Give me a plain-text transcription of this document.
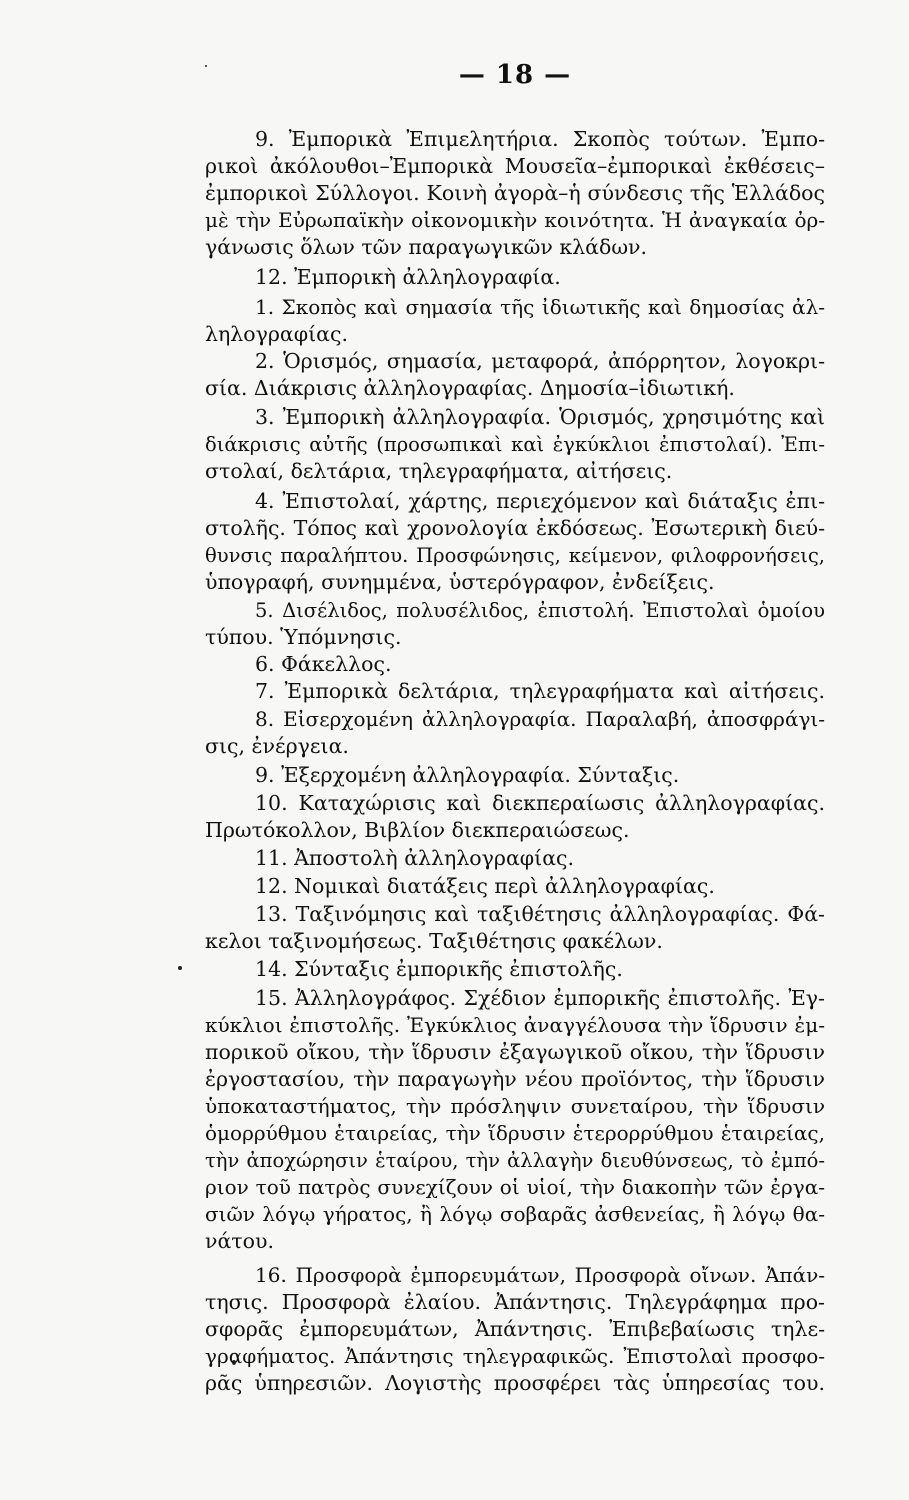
— 18 —
9. Ἐμπορικὰ Ἐπιμελητήρια. Σκοπὸς τούτων. Ἐμπο-
ρικοὶ ἀκόλουθοι–Ἐμπορικὰ Μουσεῖα–ἐμπορικαὶ ἐκθέσεις–
ἐμπορικοὶ Σύλλογοι. Κοινὴ ἀγορὰ–ἡ σύνδεσις τῆς Ἑλλάδος
μὲ τὴν Εὐρωπαϊκὴν οἰκονομικὴν κοινότητα. Ἡ ἀναγκαία ὀρ-
γάνωσις ὅλων τῶν παραγωγικῶν κλάδων.
12. Ἐμπορικὴ ἀλληλογραφία.
1. Σκοπὸς καὶ σημασία τῆς ἰδιωτικῆς καὶ δημοσίας ἀλ-
ληλογραφίας.
2. Ὁρισμός, σημασία, μεταφορά, ἀπόρρητον, λογοκρι-
σία. Διάκρισις ἀλληλογραφίας. Δημοσία–ἰδιωτική.
3. Ἐμπορικὴ ἀλληλογραφία. Ὁρισμός, χρησιμότης καὶ
διάκρισις αὐτῆς (προσωπικαὶ καὶ ἐγκύκλιοι ἐπιστολαί). Ἐπι-
στολαί, δελτάρια, τηλεγραφήματα, αἰτήσεις.
4. Ἐπιστολαί, χάρτης, περιεχόμενον καὶ διάταξις ἐπι-
στολῆς. Τόπος καὶ χρονολογία ἐκδόσεως. Ἐσωτερικὴ διεύ-
θυνσις παραλήπτου. Προσφώνησις, κείμενον, φιλοφρονήσεις,
ὑπογραφή, συνημμένα, ὑστερόγραφον, ἐνδείξεις.
5. Δισέλιδος, πολυσέλιδος, ἐπιστολή. Ἐπιστολαὶ ὁμοίου
τύπου. Ὑπόμνησις.
6. Φάκελλος.
7. Ἐμπορικὰ δελτάρια, τηλεγραφήματα καὶ αἰτήσεις.
8. Εἰσερχομένη ἀλληλογραφία. Παραλαβή, ἀποσφράγι-
σις, ἐνέργεια.
9. Ἐξερχομένη ἀλληλογραφία. Σύνταξις.
10. Καταχώρισις καὶ διεκπεραίωσις ἀλληλογραφίας.
Πρωτόκολλον, Βιβλίον διεκπεραιώσεως.
11. Ἀποστολὴ ἀλληλογραφίας.
12. Νομικαὶ διατάξεις περὶ ἀλληλογραφίας.
13. Ταξινόμησις καὶ ταξιθέτησις ἀλληλογραφίας. Φά-
κελοι ταξινομήσεως. Ταξιθέτησις φακέλων.
14. Σύνταξις ἐμπορικῆς ἐπιστολῆς.
15. Ἀλληλογράφος. Σχέδιον ἐμπορικῆς ἐπιστολῆς. Ἐγ-
κύκλιοι ἐπιστολῆς. Ἐγκύκλιος ἀναγγέλουσα τὴν ἵδρυσιν ἐμ-
πορικοῦ οἴκου, τὴν ἵδρυσιν ἐξαγωγικοῦ οἴκου, τὴν ἵδρυσιν
ἐργοστασίου, τὴν παραγωγὴν νέου προϊόντος, τὴν ἵδρυσιν
ὑποκαταστήματος, τὴν πρόσληψιν συνεταίρου, τὴν ἵδρυσιν
ὁμορρύθμου ἑταιρείας, τὴν ἵδρυσιν ἑτερορρύθμου ἑταιρείας,
τὴν ἀποχώρησιν ἑταίρου, τὴν ἀλλαγὴν διευθύνσεως, τὸ ἐμπό-
ριον τοῦ πατρὸς συνεχίζουν οἱ υἱοί, τὴν διακοπὴν τῶν ἐργα-
σιῶν λόγῳ γήρατος, ἢ λόγῳ σοβαρᾶς ἀσθενείας, ἢ λόγῳ θα-
νάτου.
16. Προσφορὰ ἐμπορευμάτων, Προσφορὰ οἴνων. Ἀπάν-
τησις. Προσφορὰ ἐλαίου. Ἀπάντησις. Τηλεγράφημα προ-
σφορᾶς ἐμπορευμάτων, Ἀπάντησις. Ἐπιβεβαίωσις τηλε-
γραφήματος. Ἀπάντησις τηλεγραφικῶς. Ἐπιστολαὶ προσφο-
ρᾶς ὑπηρεσιῶν. Λογιστὴς προσφέρει τὰς ὑπηρεσίας του.
